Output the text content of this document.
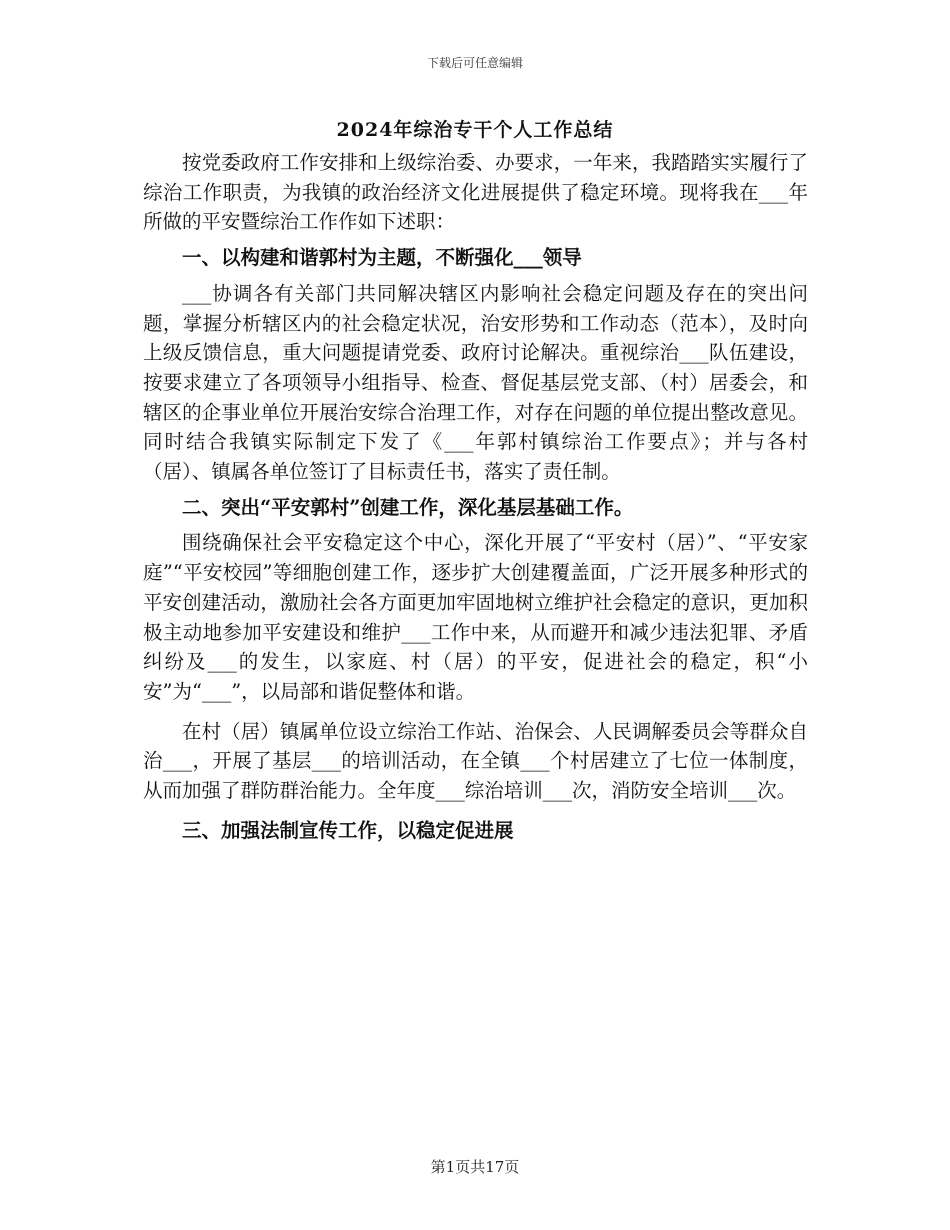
下载后可任意编辑
2024年综治专干个人工作总结

按党委政府工作安排和上级综治委、办要求，一年来，我踏踏实实履行了综治工作职责，为我镇的政治经济文化进展提供了稳定环境。现将我在___年所做的平安暨综治工作作如下述职：

一、以构建和谐郭村为主题，不断强化___领导

___协调各有关部门共同解决辖区内影响社会稳定问题及存在的突出问题，掌握分析辖区内的社会稳定状况，治安形势和工作动态（范本），及时向上级反馈信息，重大问题提请党委、政府讨论解决。重视综治___队伍建设，按要求建立了各项领导小组指导、检查、督促基层党支部、（村）居委会，和辖区的企事业单位开展治安综合治理工作，对存在问题的单位提出整改意见。同时结合我镇实际制定下发了《___年郭村镇综治工作要点》；并与各村（居）、镇属各单位签订了目标责任书，落实了责任制。

二、突出“平安郭村”创建工作，深化基层基础工作。

围绕确保社会平安稳定这个中心，深化开展了“平安村（居）”、“平安家庭”“平安校园”等细胞创建工作，逐步扩大创建覆盖面，广泛开展多种形式的平安创建活动，激励社会各方面更加牢固地树立维护社会稳定的意识，更加积极主动地参加平安建设和维护___工作中来，从而避开和减少违法犯罪、矛盾纠纷及___的发生，以家庭、村（居）的平安，促进社会的稳定，积“小安”为“___”，以局部和谐促整体和谐。

在村（居）镇属单位设立综治工作站、治保会、人民调解委员会等群众自治___，开展了基层___的培训活动，在全镇___个村居建立了七位一体制度，从而加强了群防群治能力。全年度___综治培训___次，消防安全培训___次。

三、加强法制宣传工作，以稳定促进展

第1页共17页
